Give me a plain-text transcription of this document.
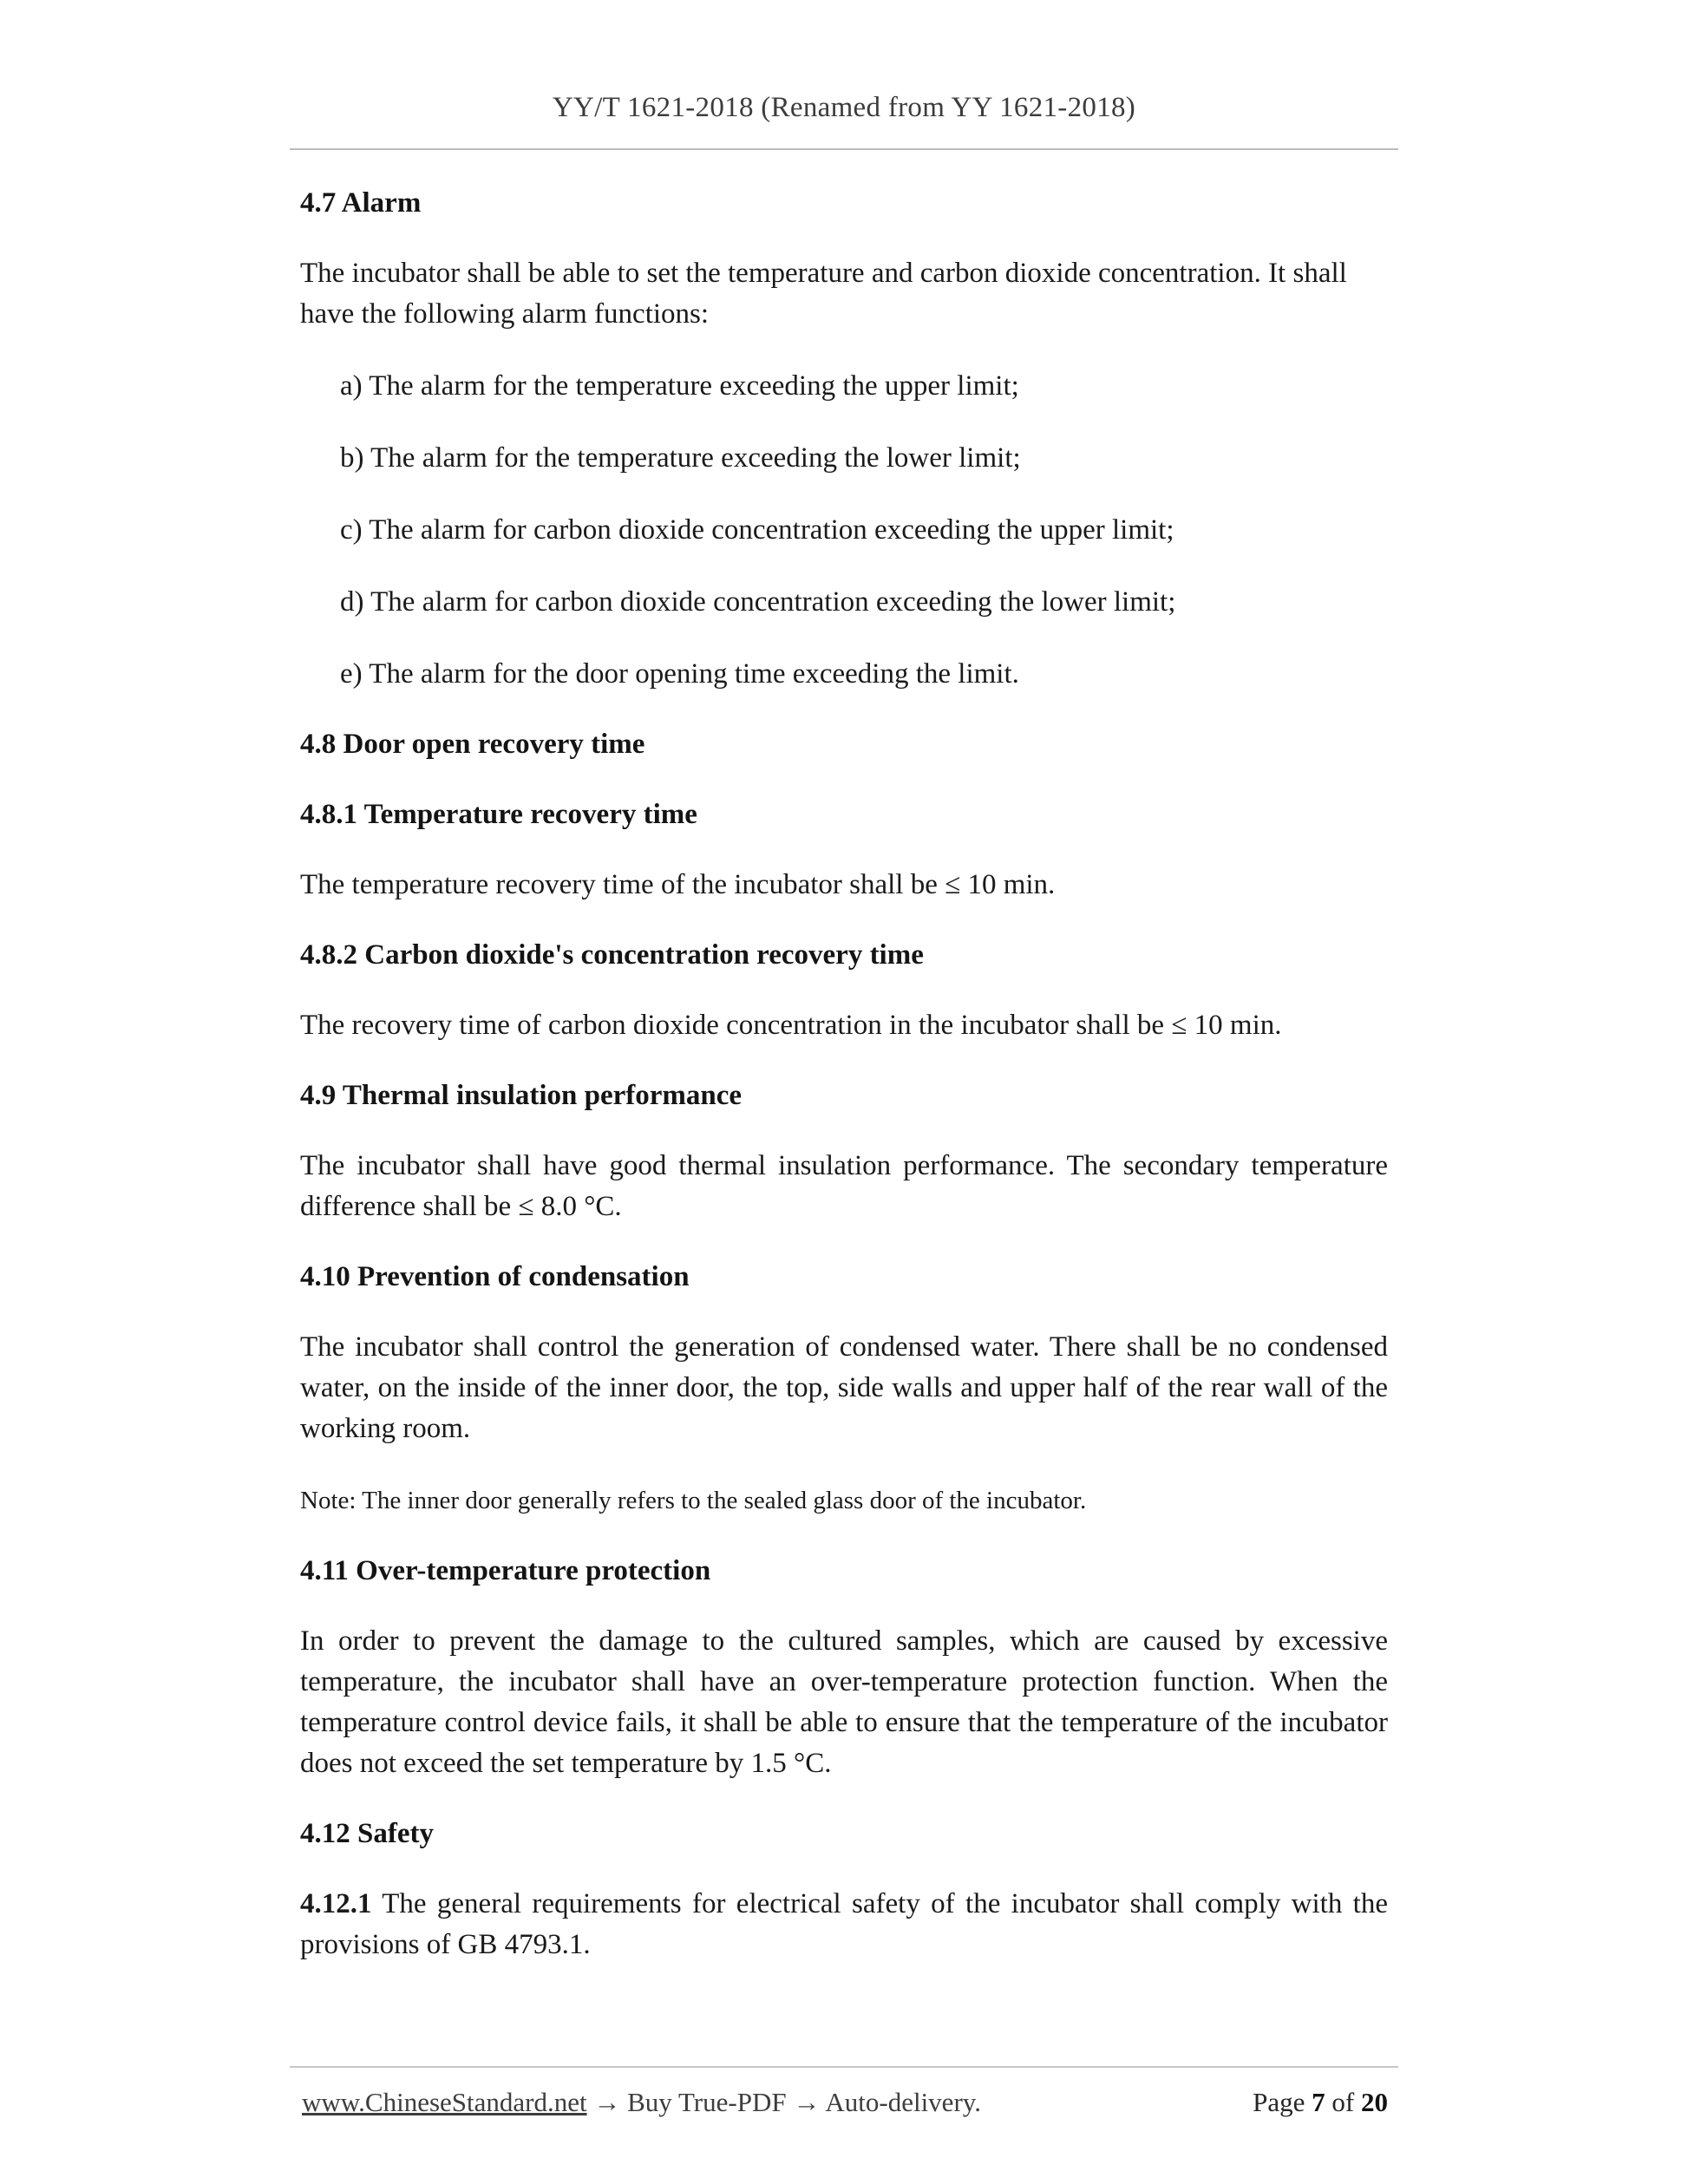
YY/T 1621-2018 (Renamed from YY 1621-2018)
4.7 Alarm

The incubator shall be able to set the temperature and carbon dioxide concentration. It shall have the following alarm functions:

a) The alarm for the temperature exceeding the upper limit;

b) The alarm for the temperature exceeding the lower limit;

c) The alarm for carbon dioxide concentration exceeding the upper limit;

d) The alarm for carbon dioxide concentration exceeding the lower limit;

e) The alarm for the door opening time exceeding the limit.

4.8 Door open recovery time
4.8.1 Temperature recovery time

The temperature recovery time of the incubator shall be ≤ 10 min.

4.8.2 Carbon dioxide's concentration recovery time

The recovery time of carbon dioxide concentration in the incubator shall be ≤ 10 min.

4.9 Thermal insulation performance

The incubator shall have good thermal insulation performance. The secondary temperature difference shall be ≤ 8.0 °C.

4.10 Prevention of condensation

The incubator shall control the generation of condensed water. There shall be no condensed water, on the inside of the inner door, the top, side walls and upper half of the rear wall of the working room.

Note: The inner door generally refers to the sealed glass door of the incubator.

4.11 Over-temperature protection

In order to prevent the damage to the cultured samples, which are caused by excessive temperature, the incubator shall have an over-temperature protection function. When the temperature control device fails, it shall be able to ensure that the temperature of the incubator does not exceed the set temperature by 1.5 °C.

4.12 Safety

4.12.1 The general requirements for electrical safety of the incubator shall comply with the provisions of GB 4793.1.

www.ChineseStandard.net → Buy True-PDF → Auto-delivery.	Page 7 of 20
